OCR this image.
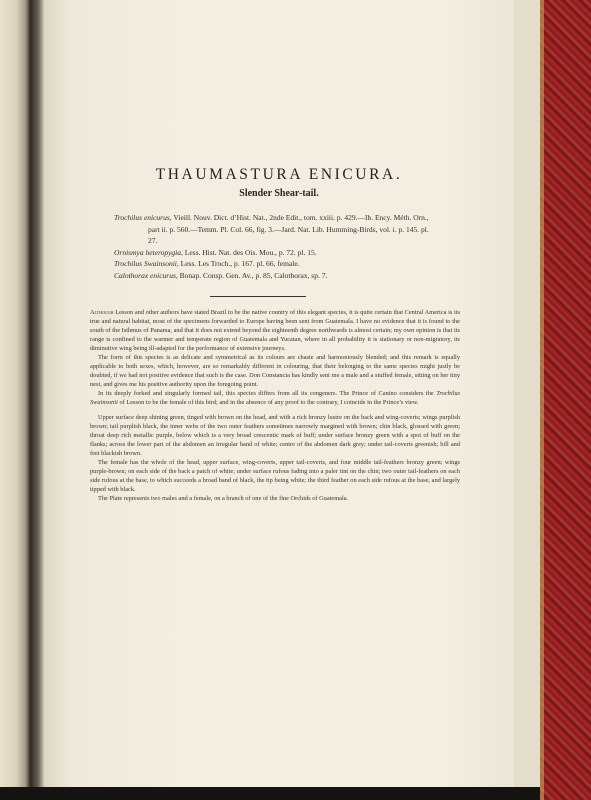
THAUMASTURA ENICURA.
Slender Shear-tail.
Trochilus enicurus, Vieill. Nouv. Dict. d’Hist. Nat., 2nde Edit., tom. xxiii. p. 429.—Ib. Ency. Méth. Orn., part ii. p. 560.—Temm. Pl. Col. 66, fig. 3.—Jard. Nat. Lib. Humming-Birds, vol. i. p. 145. pl. 27.
Ornismya heteropygia, Less. Hist. Nat. des Ois. Mou., p. 72. pl. 15.
Trochilus Swainsonii, Less. Les Troch., p. 167. pl. 66, female.
Calothorax enicurus, Bonap. Consp. Gen. Av., p. 85, Calothorax, sp. 7.

Although Lesson and other authors have stated Brazil to be the native country of this elegant species, it is quite certain that Central America is its true and natural habitat, most of the specimens forwarded to Europe having been sent from Guatemala. I have no evidence that it is found to the south of the Isthmus of Panama, and that it does not extend beyond the eighteenth degree northwards is almost certain; my own opinion is that its range is confined to the warmer and temperate region of Guatemala and Yucatan, where in all probability it is stationary or non-migratory, its diminutive wing being ill-adapted for the performance of extensive journeys.

The form of this species is as delicate and symmetrical as its colours are chaste and harmoniously blended; and this remark is equally applicable to both sexes, which, however, are so remarkably different in colouring, that their belonging to the same species might justly be doubted, if we had not positive evidence that such is the case. Don Constancia has kindly sent me a male and a stuffed female, sitting on her tiny nest, and gives me his positive authority upon the foregoing point.

In its deeply forked and singularly formed tail, this species differs from all its congeners. The Prince of Canino considers the Trochilus Swainsonii of Lesson to be the female of this bird; and in the absence of any proof to the contrary, I coincide in the Prince’s view.

Upper surface deep shining green, tinged with brown on the head, and with a rich bronzy lustre on the back and wing-coverts; wings purplish brown; tail purplish black, the inner webs of the two outer feathers sometimes narrowly margined with brown; chin black, glossed with green; throat deep rich metallic purple, below which is a very broad crescentic mark of buff; under surface bronzy green with a spot of buff on the flanks; across the lower part of the abdomen an irregular band of white; centre of the abdomen dark grey; under tail-coverts greenish; bill and feet blackish brown.

The female has the whole of the head, upper surface, wing-coverts, upper tail-coverts, and four middle tail-feathers bronzy green; wings purple-brown; on each side of the back a patch of white; under surface rufous fading into a paler tint on the chin; two outer tail-feathers on each side rufous at the base, to which succeeds a broad band of black, the tip being white; the third feather on each side rufous at the base, and largely tipped with black.

The Plate represents two males and a female, on a branch of one of the fine Orchids of Guatemala.
